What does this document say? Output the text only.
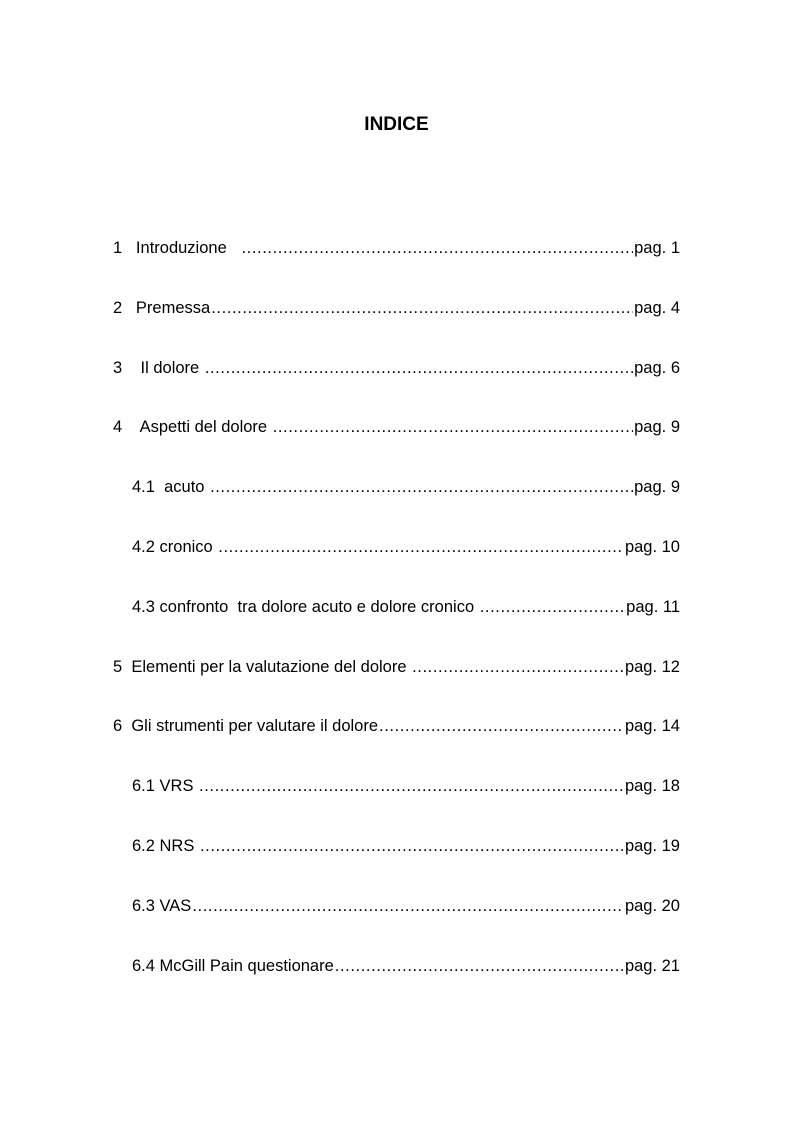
INDICE
1   Introduzione .....	pag. 1
2   Premessa .....	pag. 4
3    Il dolore .....	pag. 6
4    Aspetti del dolore .....	pag. 9
4.1  acuto .....	pag. 9
4.2 cronico .....	pag. 10
4.3 confronto  tra dolore acuto e dolore cronico .....	pag. 11
5  Elementi per la valutazione del dolore .....	pag. 12
6  Gli strumenti per valutare il dolore .....	pag. 14
6.1 VRS .....	pag. 18
6.2 NRS .....	pag. 19
6.3 VAS .....	pag. 20
6.4 McGill Pain questionare .....	pag. 21
